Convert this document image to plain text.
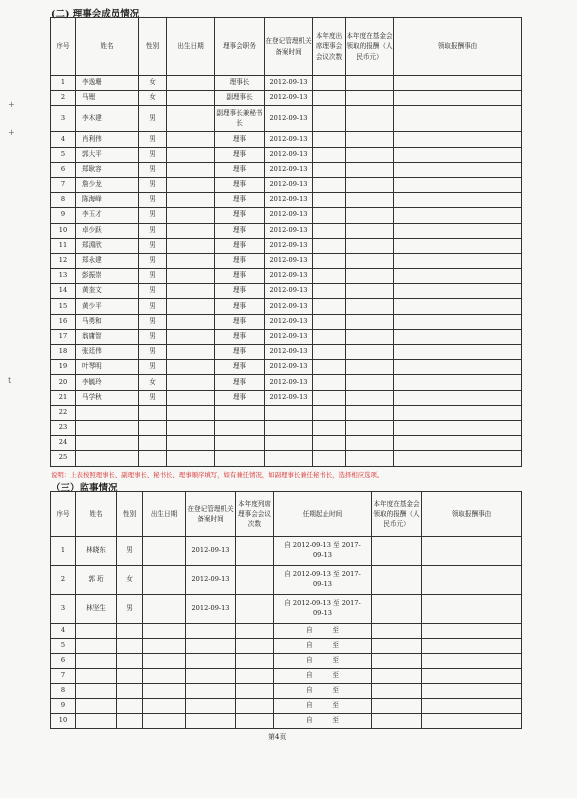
+
+
t
(二) 理事会成员情况
序号	姓名	性别	出生日期	理事会职务	在登记管理机关备案时间	本年度出席理事会会议次数	本年度在基金会领取的报酬（人民币元）	领取报酬事由
1	李逸珊	女		理事长	2012-09-13			
2	马锂	女		副理事长	2012-09-13			
3	李木建	男		副理事长兼秘书长	2012-09-13			
4	肖利伟	男		理事	2012-09-13			
5	郭大平	男		理事	2012-09-13			
6	郑耿容	男		理事	2012-09-13			
7	詹少龙	男		理事	2012-09-13			
8	陈海峰	男		理事	2012-09-13			
9	李玉才	男		理事	2012-09-13			
10	卓少跃	男		理事	2012-09-13			
11	郑淵欣	男		理事	2012-09-13			
12	郑永建	男		理事	2012-09-13			
13	彭振崇	男		理事	2012-09-13			
14	黄奎文	男		理事	2012-09-13			
15	黄少平	男		理事	2012-09-13			
16	马勇和	男		理事	2012-09-13			
17	翁庸智	男		理事	2012-09-13			
18	张廷伟	男		理事	2012-09-13			
19	叶琴明	男		理事	2012-09-13			
20	李毓玲	女		理事	2012-09-13			
21	马学秋	男		理事	2012-09-13			
22								
23								
24								
25								
说明：上表按照理事长、副理事长、秘书长、理事顺序填写，如有兼任情况，如副理事长兼任秘书长，选择相应选项。
（三）监事情况
序号	姓名	性别	出生日期	在登记管理机关备案时间	本年度列席理事会会议次数	任期起止时间	本年度在基金会领取的报酬（人民币元）	领取报酬事由
1	林晓东	男		2012-09-13		自 2012-09-13 至 2017-
09-13		

2	郭 珩	女		2012-09-13		自 2012-09-13 至 2017-
09-13		

3	林坚生	男		2012-09-13		自 2012-09-13 至 2017-
09-13		

4						自　　　至		

5						自　　　至		

6						自　　　至		

7						自　　　至		

8						自　　　至		

9						自　　　至		

10						自　　　至		

第4页
